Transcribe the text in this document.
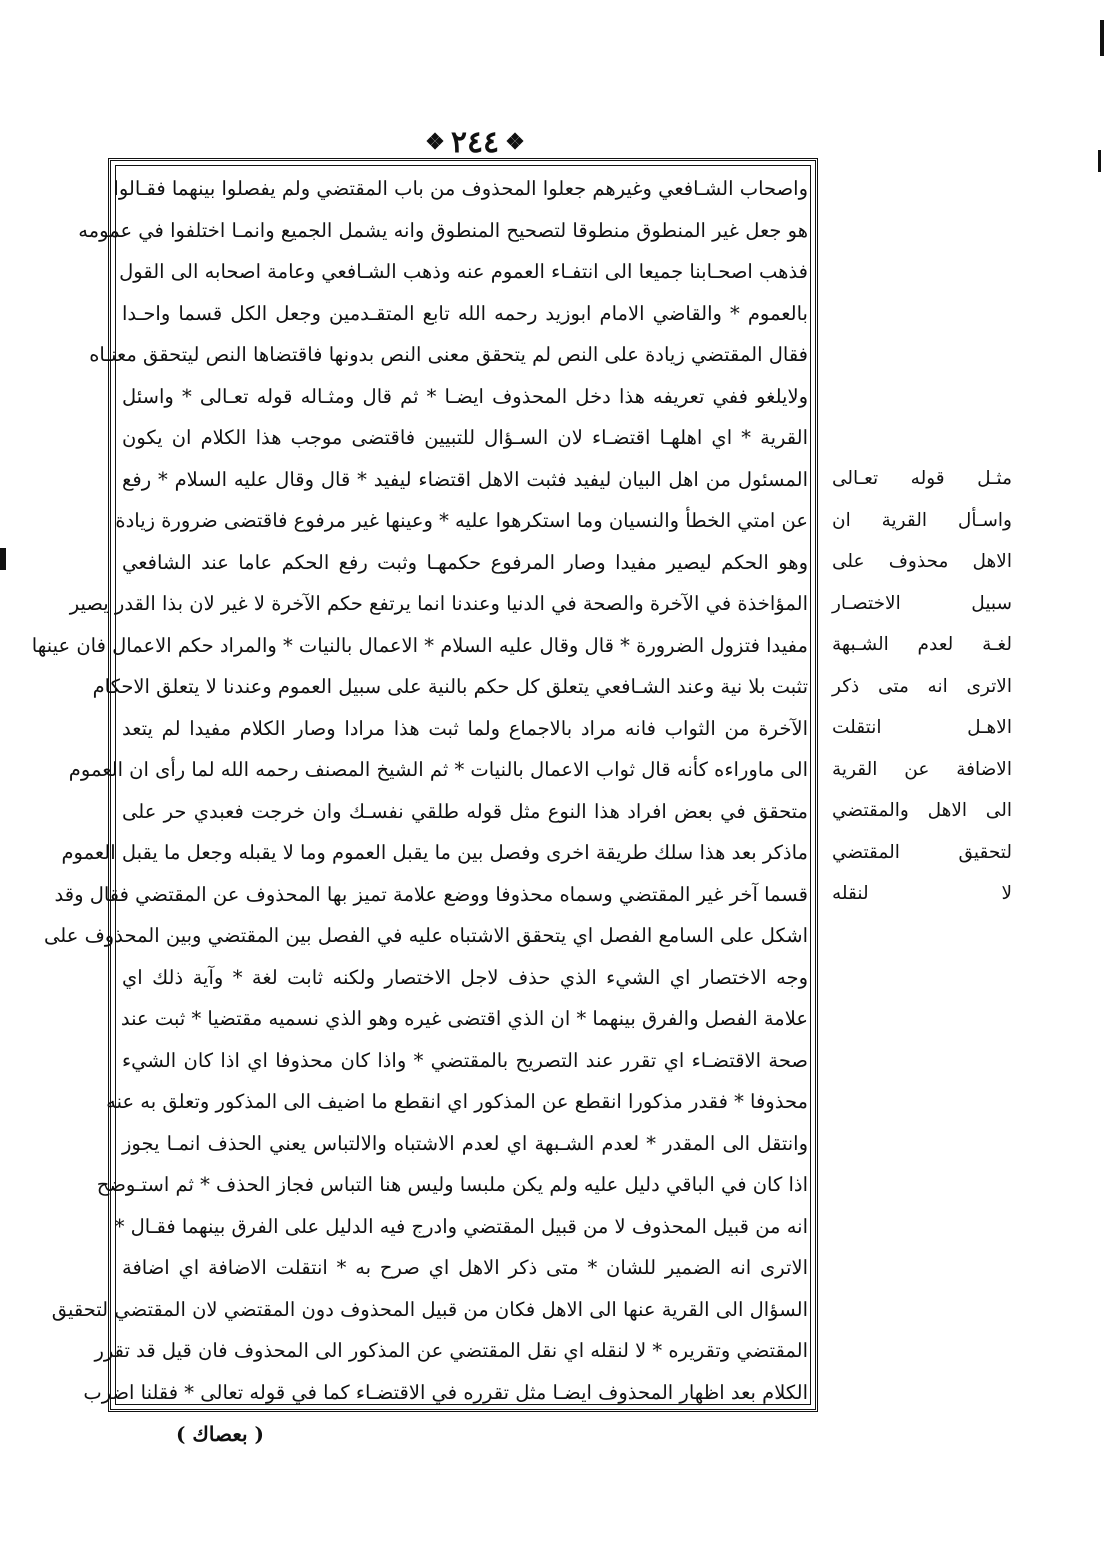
❖
٢٤٤
❖
واصحاب الشـافعي وغيرهم جعلوا المحذوف من باب المقتضي ولم يفصلوا بينهما فقـالوا
هو جعل غير المنطوق منطوقا لتصحيح المنطوق وانه يشمل الجميع وانمـا اختلفوا في عمومه
فذهب اصحـابنا جميعا الى انتفـاء العموم عنه وذهب الشـافعي وعامة اصحابه الى القول
بالعموم * والقاضي الامام ابوزيد رحمه الله تابع المتقـدمين وجعل الكل قسما واحـدا
فقال المقتضي زيادة على النص لم يتحقق معنى النص بدونها فاقتضاها النص ليتحقق معنـاه
ولايلغو ففي تعريفه هذا دخل المحذوف ايضـا * ثم قال ومثـاله قوله تعـالى * واسئل
القرية * اي اهلهـا اقتضـاء لان السـؤال للتبيين فاقتضى موجب هذا الكلام ان يكون
المسئول من اهل البيان ليفيد فثبت الاهل اقتضاء ليفيد * قال وقال عليه السلام * رفع
عن امتي الخطأ والنسيان وما استكرهوا عليه * وعينها غير مرفوع فاقتضى ضرورة زيادة
وهو الحكم ليصير مفيدا وصار المرفوع حكمهـا وثبت رفع الحكم عاما عند الشافعي
المؤاخذة في الآخرة والصحة في الدنيا وعندنا انما يرتفع حكم الآخرة لا غير لان بذا القدر يصير
مفيدا فتزول الضرورة * قال وقال عليه السلام * الاعمال بالنيات * والمراد حكم الاعمال فان عينها
تثبت بلا نية وعند الشـافعي يتعلق كل حكم بالنية على سبيل العموم وعندنا لا يتعلق الاحكام
الآخرة من الثواب فانه مراد بالاجماع ولما ثبت هذا مرادا وصار الكلام مفيدا لم يتعد
الى ماوراءه كأنه قال ثواب الاعمال بالنيات * ثم الشيخ المصنف رحمه الله لما رأى ان العموم
متحقق في بعض افراد هذا النوع مثل قوله طلقي نفسـك وان خرجت فعبدي حر على
ماذكر بعد هذا سلك طريقة اخرى وفصل بين ما يقبل العموم وما لا يقبله وجعل ما يقبل العموم
قسما آخر غير المقتضي وسماه محذوفا ووضع علامة تميز بها المحذوف عن المقتضي فقال وقد
اشكل على السامع الفصل اي يتحقق الاشتباه عليه في الفصل بين المقتضي وبين المحذوف على
وجه الاختصار اي الشيء الذي حذف لاجل الاختصار ولكنه ثابت لغة * وآية ذلك اي
علامة الفصل والفرق بينهما * ان الذي اقتضى غيره وهو الذي نسميه مقتضيا * ثبت عند
صحة الاقتضـاء اي تقرر عند التصريح بالمقتضي * واذا كان محذوفا اي اذا كان الشيء
محذوفا * فقدر مذكورا انقطع عن المذكور اي انقطع ما اضيف الى المذكور وتعلق به عنه
وانتقل الى المقدر * لعدم الشـبهة اي لعدم الاشتباه والالتباس يعني الحذف انمـا يجوز
اذا كان في الباقي دليل عليه ولم يكن ملبسا وليس هنا التباس فجاز الحذف * ثم استـوضح
انه من قبيل المحذوف لا من قبيل المقتضي وادرج فيه الدليل على الفرق بينهما فقـال *
الاترى انه الضمير للشان * متى ذكر الاهل اي صرح به * انتقلت الاضافة اي اضافة
السؤال الى القرية عنها الى الاهل فكان من قبيل المحذوف دون المقتضي لان المقتضي لتحقيق
المقتضي وتقريره * لا لنقله اي نقل المقتضي عن المذكور الى المحذوف فان قيل قد تقرر
الكلام بعد اظهار المحذوف ايضـا مثل تقرره في الاقتضـاء كما في قوله تعالى * فقلنا اضرب
مثـل قوله تعـالى
واسـأل القرية ان
الاهل محذوف على
سبيل الاختصـار
لغـة لعدم الشـبهة
الاترى انه متى ذكر
الاهـل انتقلت
الاضافة عن القرية
الى الاهل والمقتضي
لتحقيق المقتضي
لا لنقله
( بعصاك )
